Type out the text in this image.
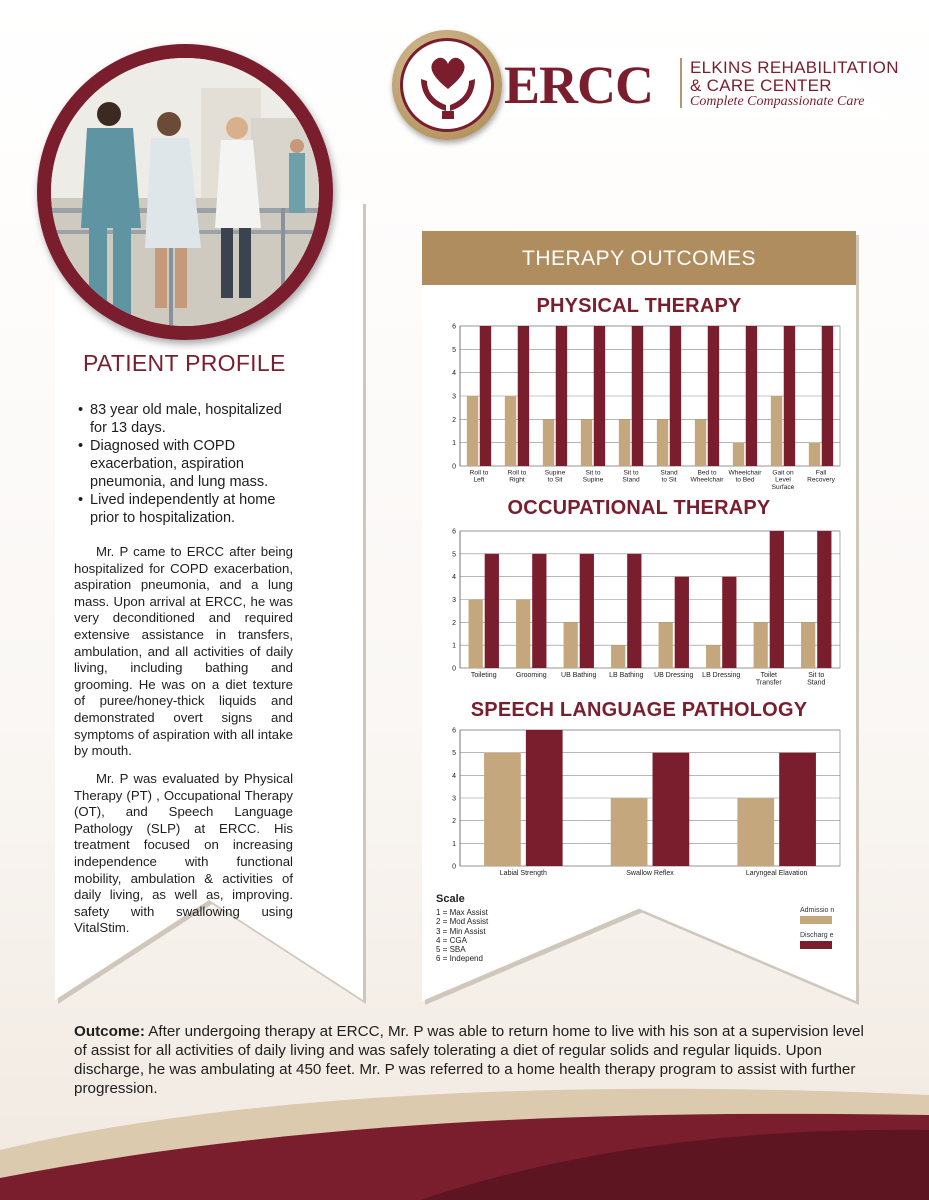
ERCC ELKINS REHABILITATION
& CARE CENTER
Complete Compassionate Care
PATIENT PROFILE
• 83 year old male, hospitalized for 13 days.
• Diagnosed with COPD exacerbation, aspiration pneumonia, and lung mass.
• Lived independently at home prior to hospitalization.

Mr. P came to ERCC after being hospitalized for COPD exacerbation, aspiration pneumonia, and a lung mass. Upon arrival at ERCC, he was very deconditioned and required extensive assistance in transfers, ambulation, and all activities of daily living, including bathing and grooming. He was on a diet texture of puree/honey-thick liquids and demonstrated overt signs and symptoms of aspiration with all intake by mouth.

Mr. P was evaluated by Physical Therapy (PT) , Occupational Therapy (OT), and Speech Language Pathology (SLP) at ERCC. His treatment focused on increasing independence with functional mobility, ambulation & activities of daily living, as well as, improving. safety with swallowing using VitalStim.

THERAPY OUTCOMES
PHYSICAL THERAPY
0
1
2
3
4
5
6
Roll to Left
Roll to Right
Supine to Sit
Sit to Supine
Sit to Stand
Stand to Sit
Bed to Wheelchair
Wheelchair to Bed
Gait on Level Surface
Fall Recovery
OCCUPATIONAL THERAPY
0
1
2
3
4
5
6
Toileting	Grooming UB Bathing LB Bathing UB Dressing LB Dressing	Toilet Transfer
Sit to Stand
SPEECH LANGUAGE PATHOLOGY
0
1
2
3
4
5
6
Labial Strength	Swallow Reflex	Laryngeal Elavation
Scale
1 = Max Assist
2 = Mod Assist
3 = Min Assist
4 = CGA
5 = SBA
6 = Independ
Admissio n
Discharg e

Outcome: After undergoing therapy at ERCC, Mr. P was able to return home to live with his son at a supervision level of assist for all activities of daily living and was safely tolerating a diet of regular solids and regular liquids. Upon discharge, he was ambulating at 450 feet. Mr. P was referred to a home health therapy program to assist with further progression.
